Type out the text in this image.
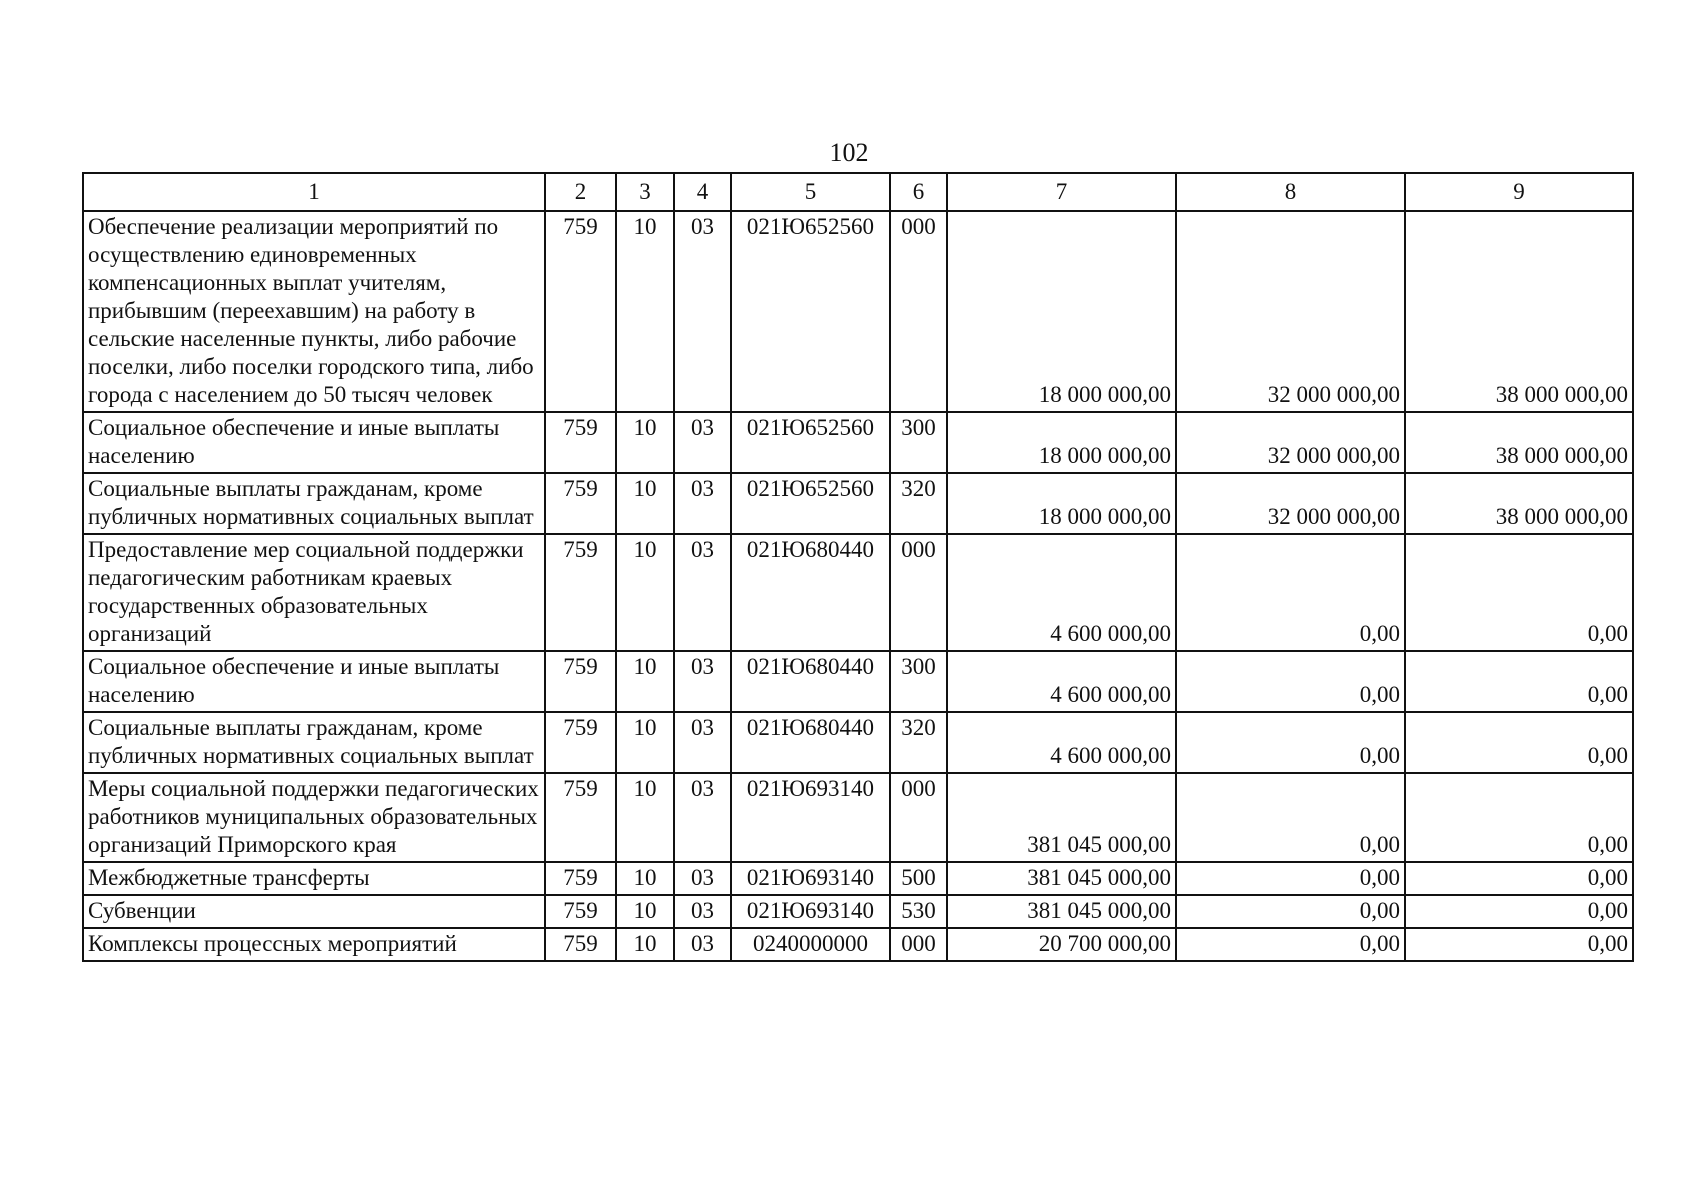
102
1	2	3	4	5	6	7	8	9
Обеспечение реализации мероприятий по осуществлению единовременных компенсационных выплат учителям, прибывшим (переехавшим) на работу в сельские населенные пункты, либо рабочие поселки, либо поселки городского типа, либо города с населением до 50 тысяч человек	759	10	03	021Ю652560	000	18 000 000,00	32 000 000,00	38 000 000,00
Социальное обеспечение и иные выплаты населению	759	10	03	021Ю652560	300	18 000 000,00	32 000 000,00	38 000 000,00
Социальные выплаты гражданам, кроме публичных нормативных социальных выплат	759	10	03	021Ю652560	320	18 000 000,00	32 000 000,00	38 000 000,00
Предоставление мер социальной поддержки педагогическим работникам краевых государственных образовательных организаций	759	10	03	021Ю680440	000	4 600 000,00	0,00	0,00
Социальное обеспечение и иные выплаты населению	759	10	03	021Ю680440	300	4 600 000,00	0,00	0,00
Социальные выплаты гражданам, кроме публичных нормативных социальных выплат	759	10	03	021Ю680440	320	4 600 000,00	0,00	0,00
Меры социальной поддержки педагогических работников муниципальных образовательных организаций Приморского края	759	10	03	021Ю693140	000	381 045 000,00	0,00	0,00
Межбюджетные трансферты	759	10	03	021Ю693140	500	381 045 000,00	0,00	0,00
Субвенции	759	10	03	021Ю693140	530	381 045 000,00	0,00	0,00
Комплексы процессных мероприятий	759	10	03	0240000000	000	20 700 000,00	0,00	0,00
